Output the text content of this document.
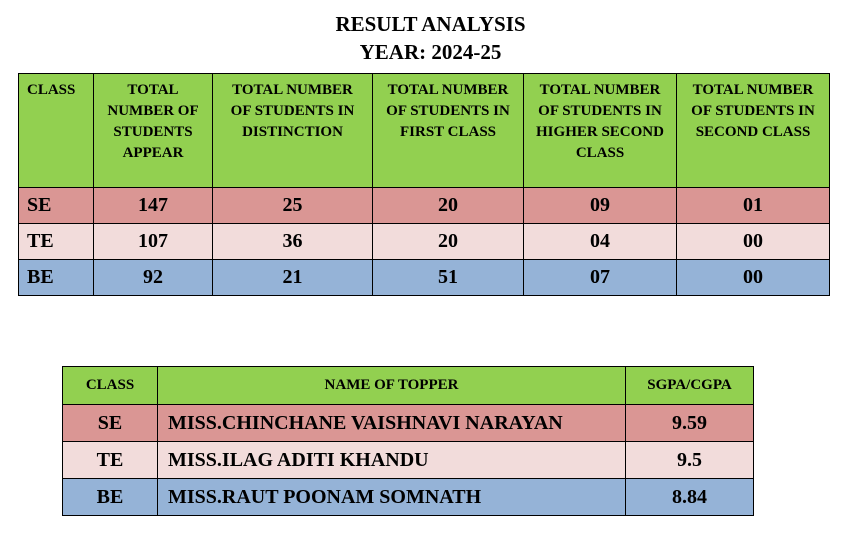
RESULT ANALYSIS
YEAR: 2024-25
CLASS	TOTAL NUMBER OF STUDENTS APPEAR	TOTAL NUMBER OF STUDENTS IN DISTINCTION	TOTAL NUMBER OF STUDENTS IN FIRST CLASS	TOTAL NUMBER OF STUDENTS IN HIGHER SECOND CLASS	TOTAL NUMBER OF STUDENTS IN SECOND CLASS

SE	147	25	20	09	01
TE	107	36	20	04	00
BE	92	21	51	07	00
CLASS	NAME OF TOPPER	SGPA/CGPA
SE	MISS.CHINCHANE VAISHNAVI NARAYAN	9.59
TE	MISS.ILAG ADITI KHANDU	9.5
BE	MISS.RAUT POONAM SOMNATH	8.84
